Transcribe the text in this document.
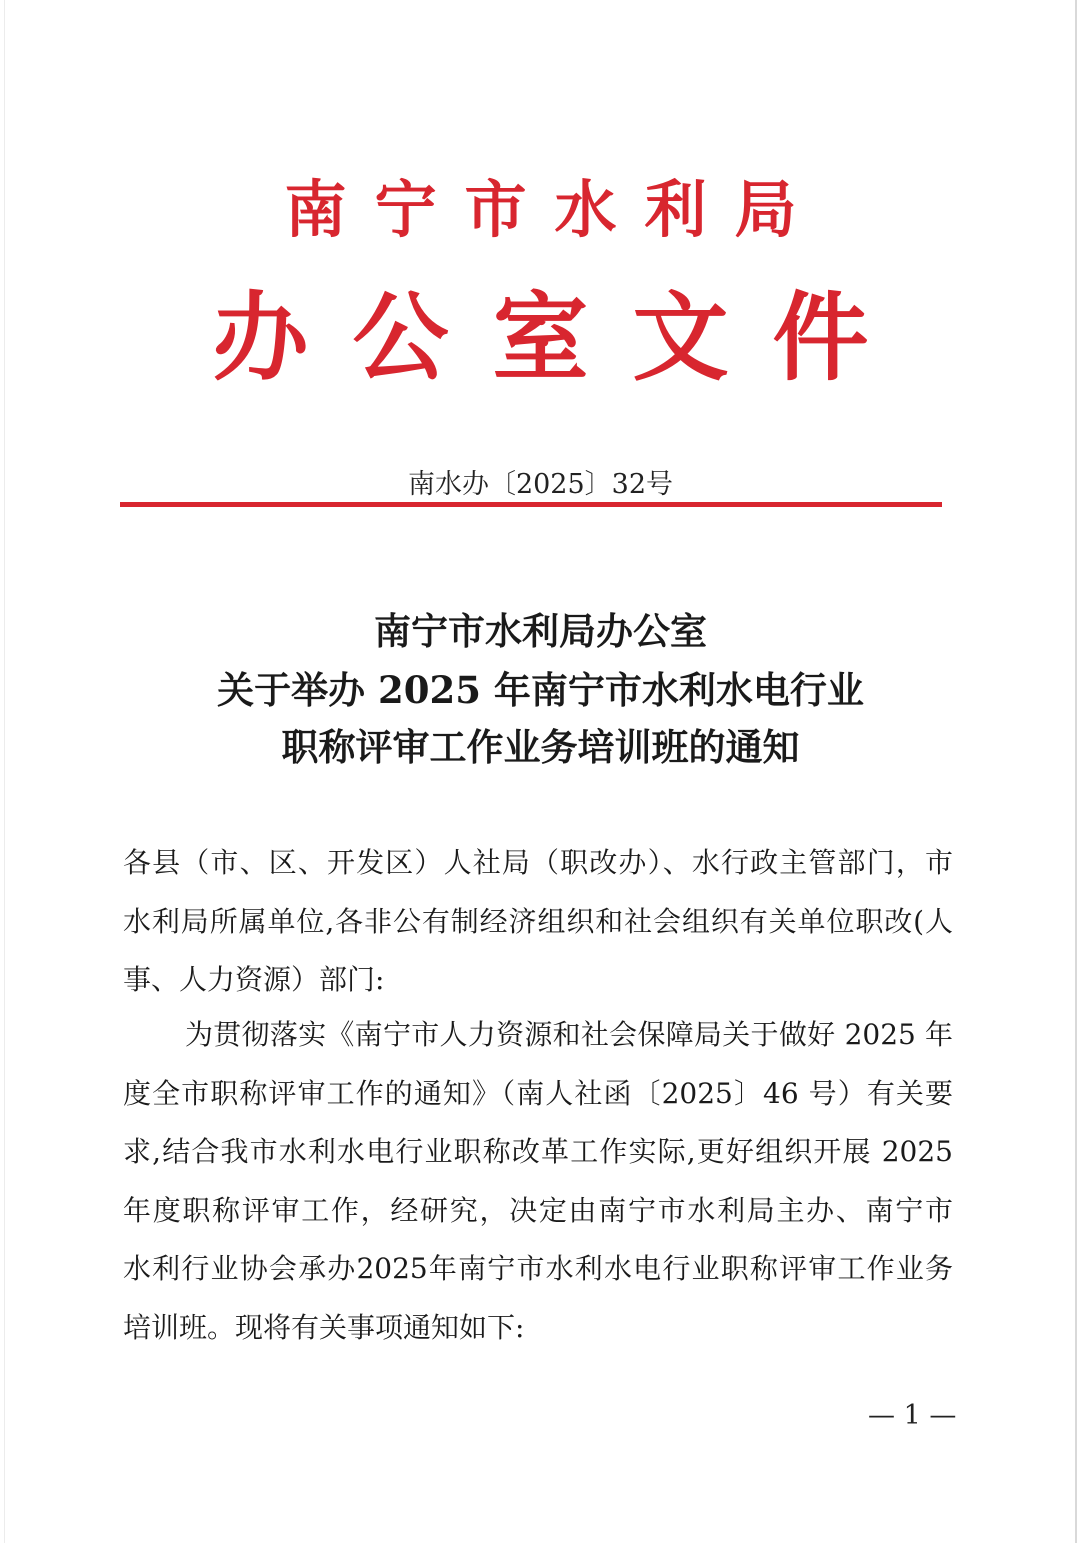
南宁市水利局
办公室文件
南水办〔2025〕32号
南宁市水利局办公室
关于举办 2025 年南宁市水利水电行业
职称评审工作业务培训班的通知
各县（市、区、开发区）人社局（职改办）、水行政主管部门，市
水利局所属单位,各非公有制经济组织和社会组织有关单位职改(人
事、人力资源）部门:
为贯彻落实《南宁市人力资源和社会保障局关于做好 2025 年
度全市职称评审工作的通知》（南人社函〔2025〕46 号）有关要
求,结合我市水利水电行业职称改革工作实际,更好组织开展 2025
年度职称评审工作，经研究，决定由南宁市水利局主办、南宁市
水利行业协会承办2025年南宁市水利水电行业职称评审工作业务
培训班。现将有关事项通知如下:
— 1 —
